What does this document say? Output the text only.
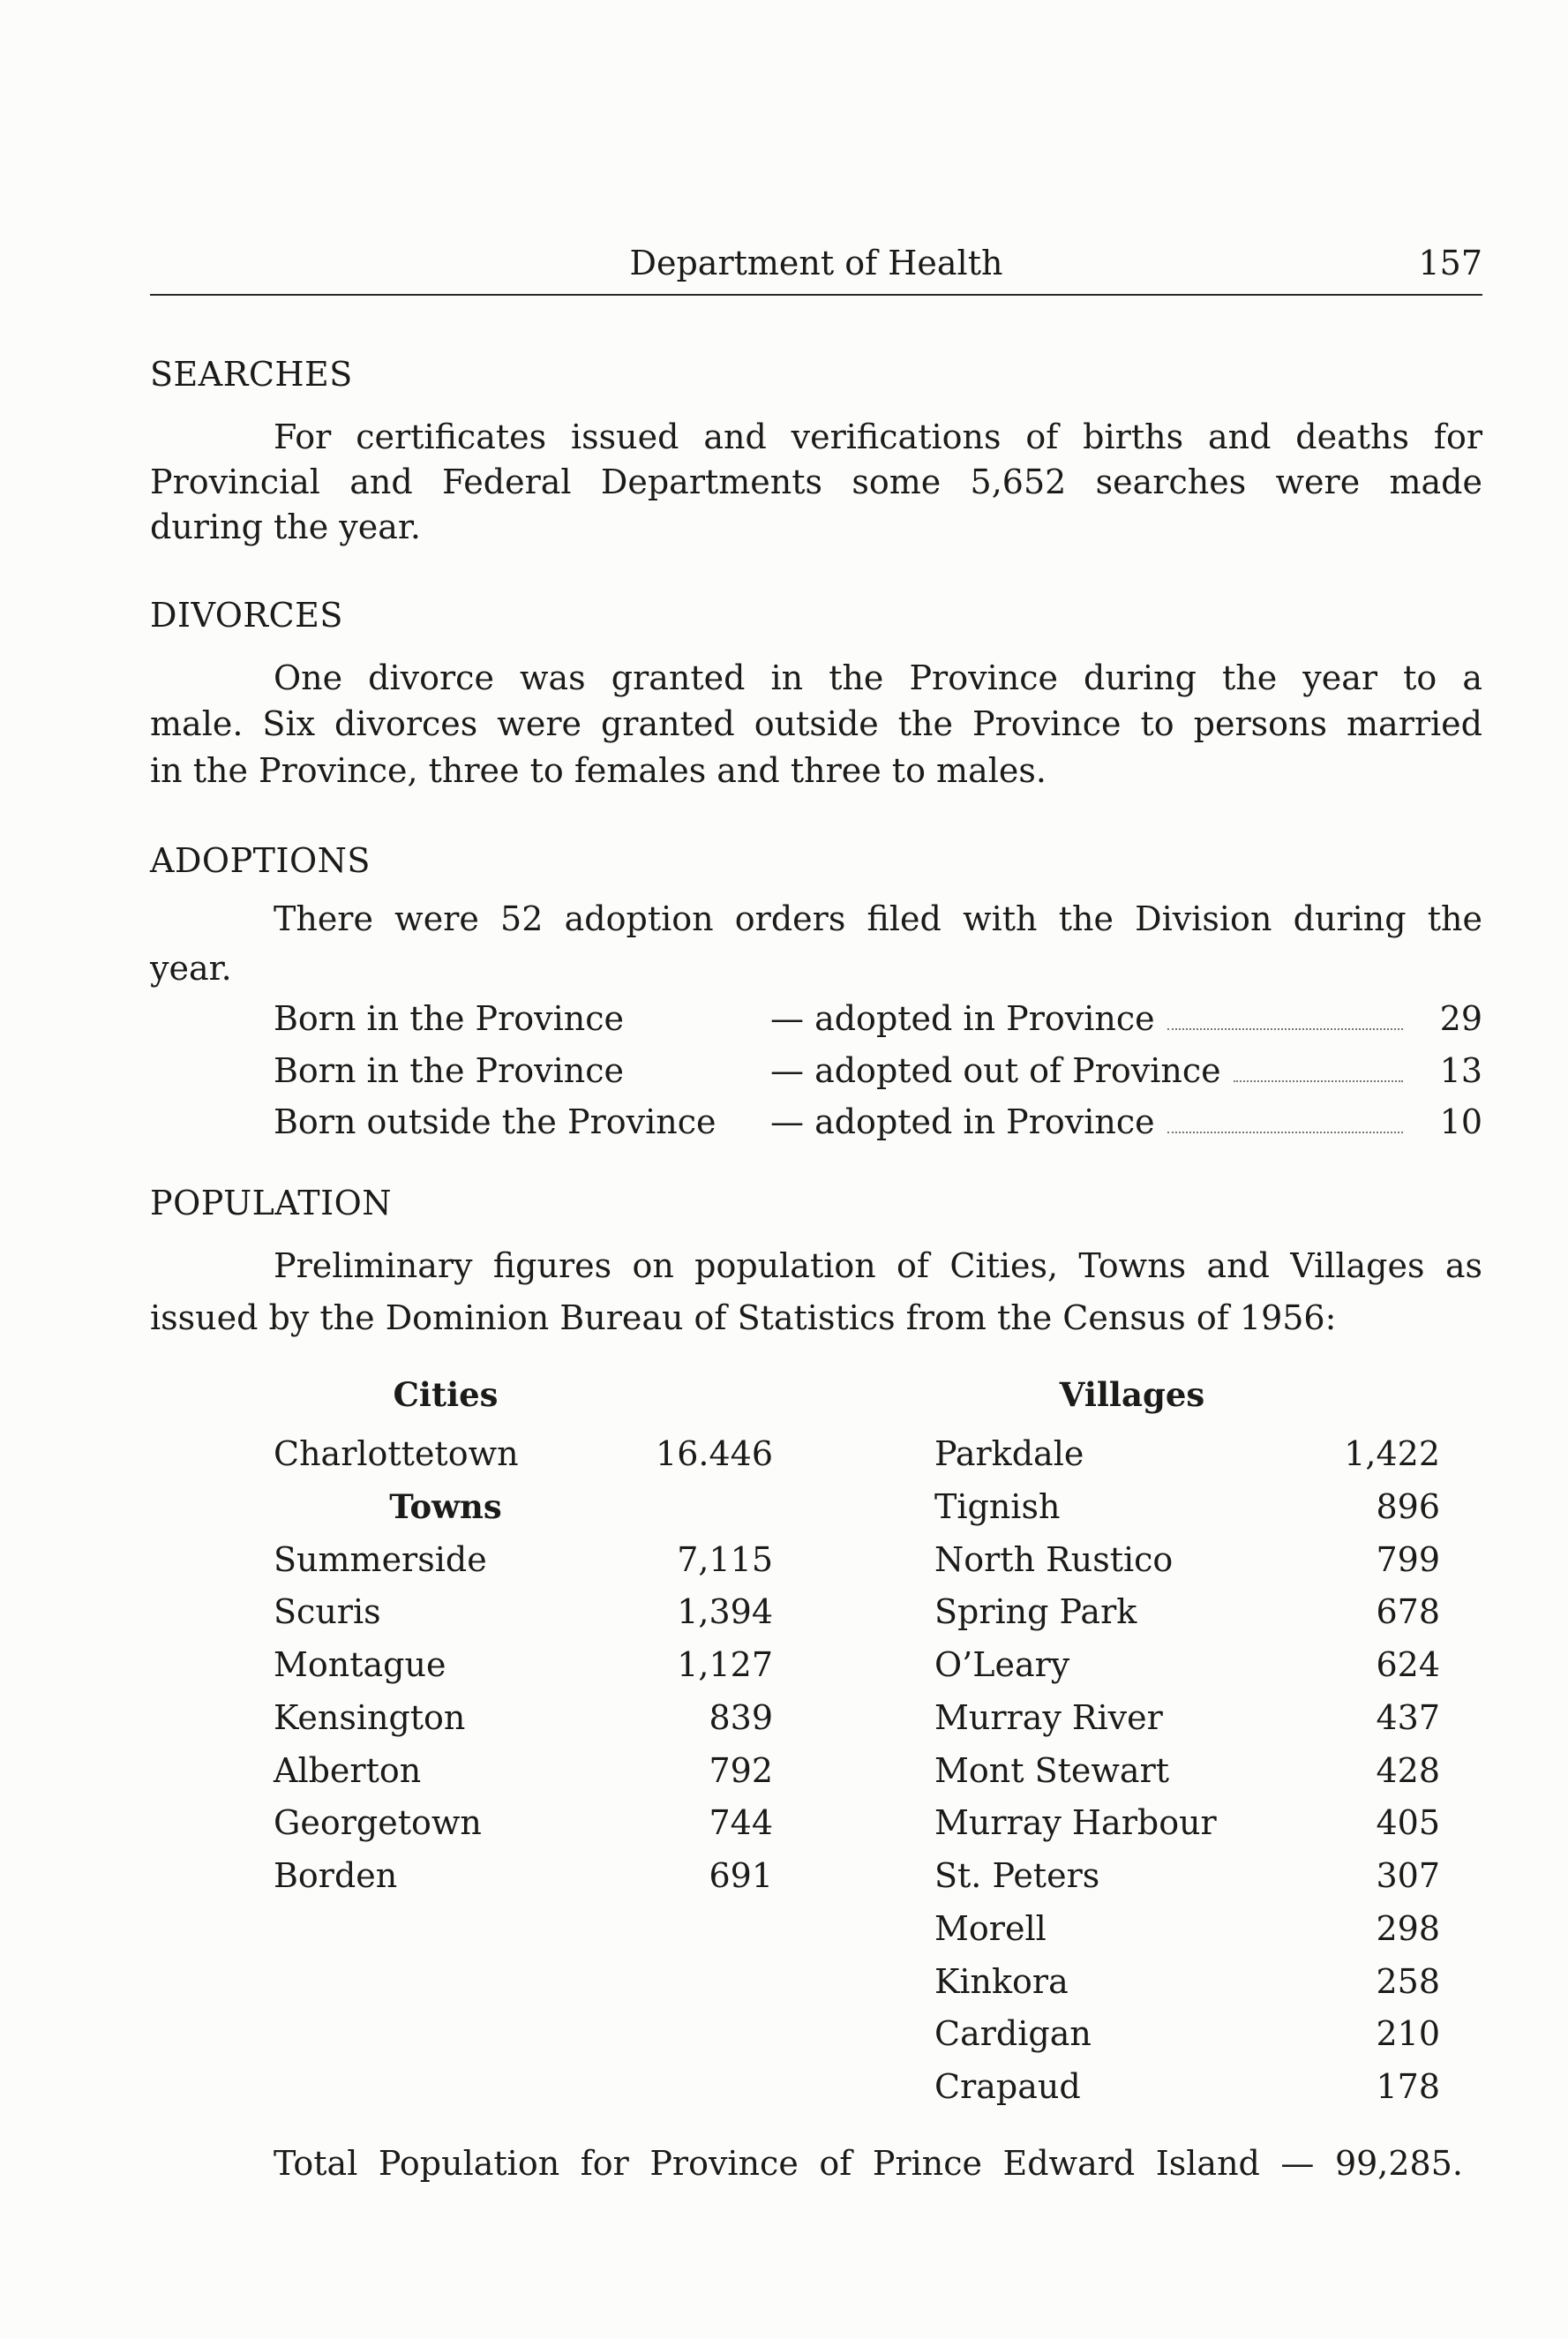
Department of Health	157
SEARCHES
For certificates issued and verifications of births and deaths for
Provincial and Federal Departments some 5,652 searches were made
during the year.
DIVORCES
One divorce was granted in the Province during the year to a
male. Six divorces were granted outside the Province to persons married
in the Province, three to females and three to males.
ADOPTIONS
There were 52 adoption orders filed with the Division during the
year.
Born in the Province	— adopted in Province	29
Born in the Province	— adopted out of Province	13
Born outside the Province — adopted in Province	10
POPULATION
Preliminary figures on population of Cities, Towns and Villages as
issued by the Dominion Bureau of Statistics from the Census of 1956:
Cities	Villages
Charlottetown	16.446
Towns
Summerside	7,115
Scuris	1,394
Montague	1,127
Kensington	839
Alberton	792
Georgetown	744
Borden	691
Parkdale	1,422
Tignish	896
North Rustico	799
Spring Park	678
O’Leary	624
Murray River	437
Mont Stewart	428
Murray Harbour	405
St. Peters	307
Morell	298
Kinkora	258
Cardigan	210
Crapaud	178
Total Population for Province of Prince Edward Island — 99,285.
